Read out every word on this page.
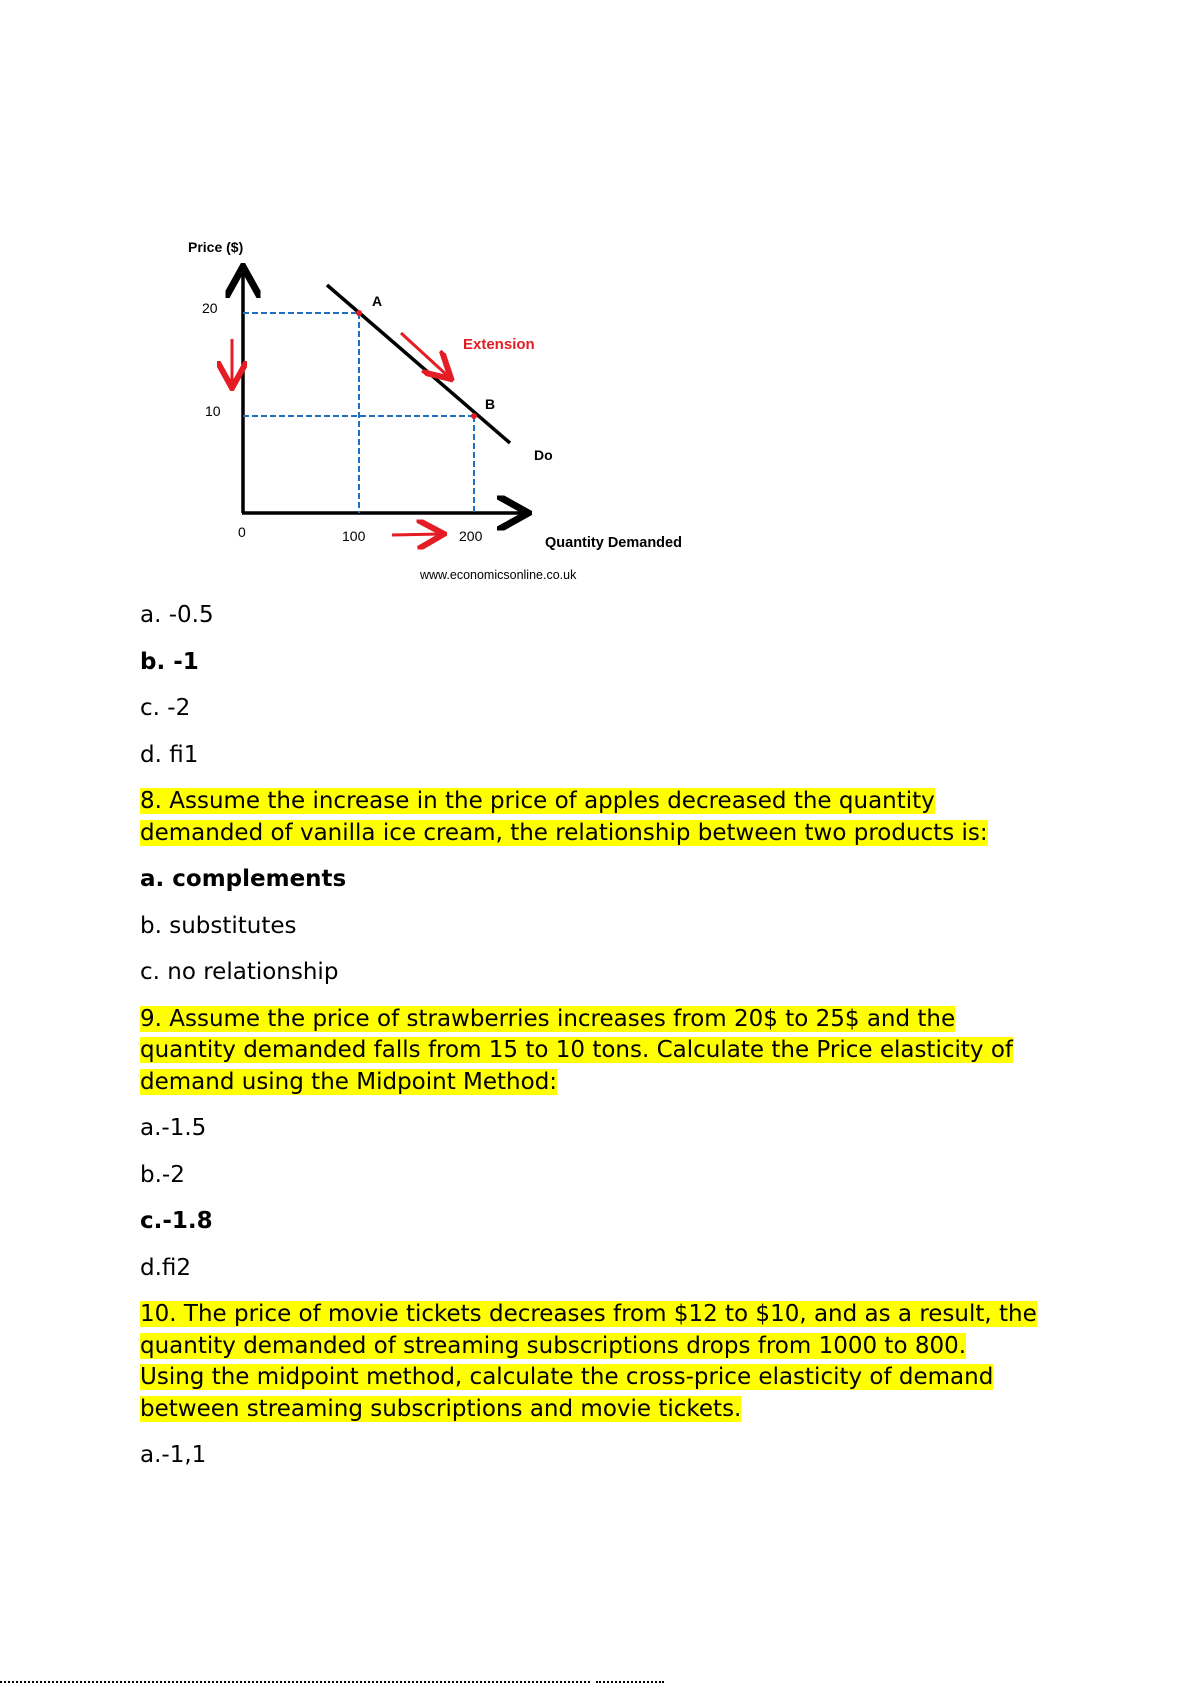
Price ($)
Quantity Demanded
20
10
0	100	200
A
B
Do
Extension
www.economicsonline.co.uk
a. -0.5
b. -1
c. -2
d. fi1
8. Assume the increase in the price of apples decreased the quantity
demanded of vanilla ice cream, the relationship between two products is:
a. complements
b. substitutes
c. no relationship
9. Assume the price of strawberries increases from 20$ to 25$ and the
quantity demanded falls from 15 to 10 tons. Calculate the Price elasticity of
demand using the Midpoint Method:
a.-1.5
b.-2
c.-1.8
d.fi2
10. The price of movie tickets decreases from $12 to $10, and as a result, the
quantity demanded of streaming subscriptions drops from 1000 to 800.
Using the midpoint method, calculate the cross-price elasticity of demand
between streaming subscriptions and movie tickets.
a.-1,1
